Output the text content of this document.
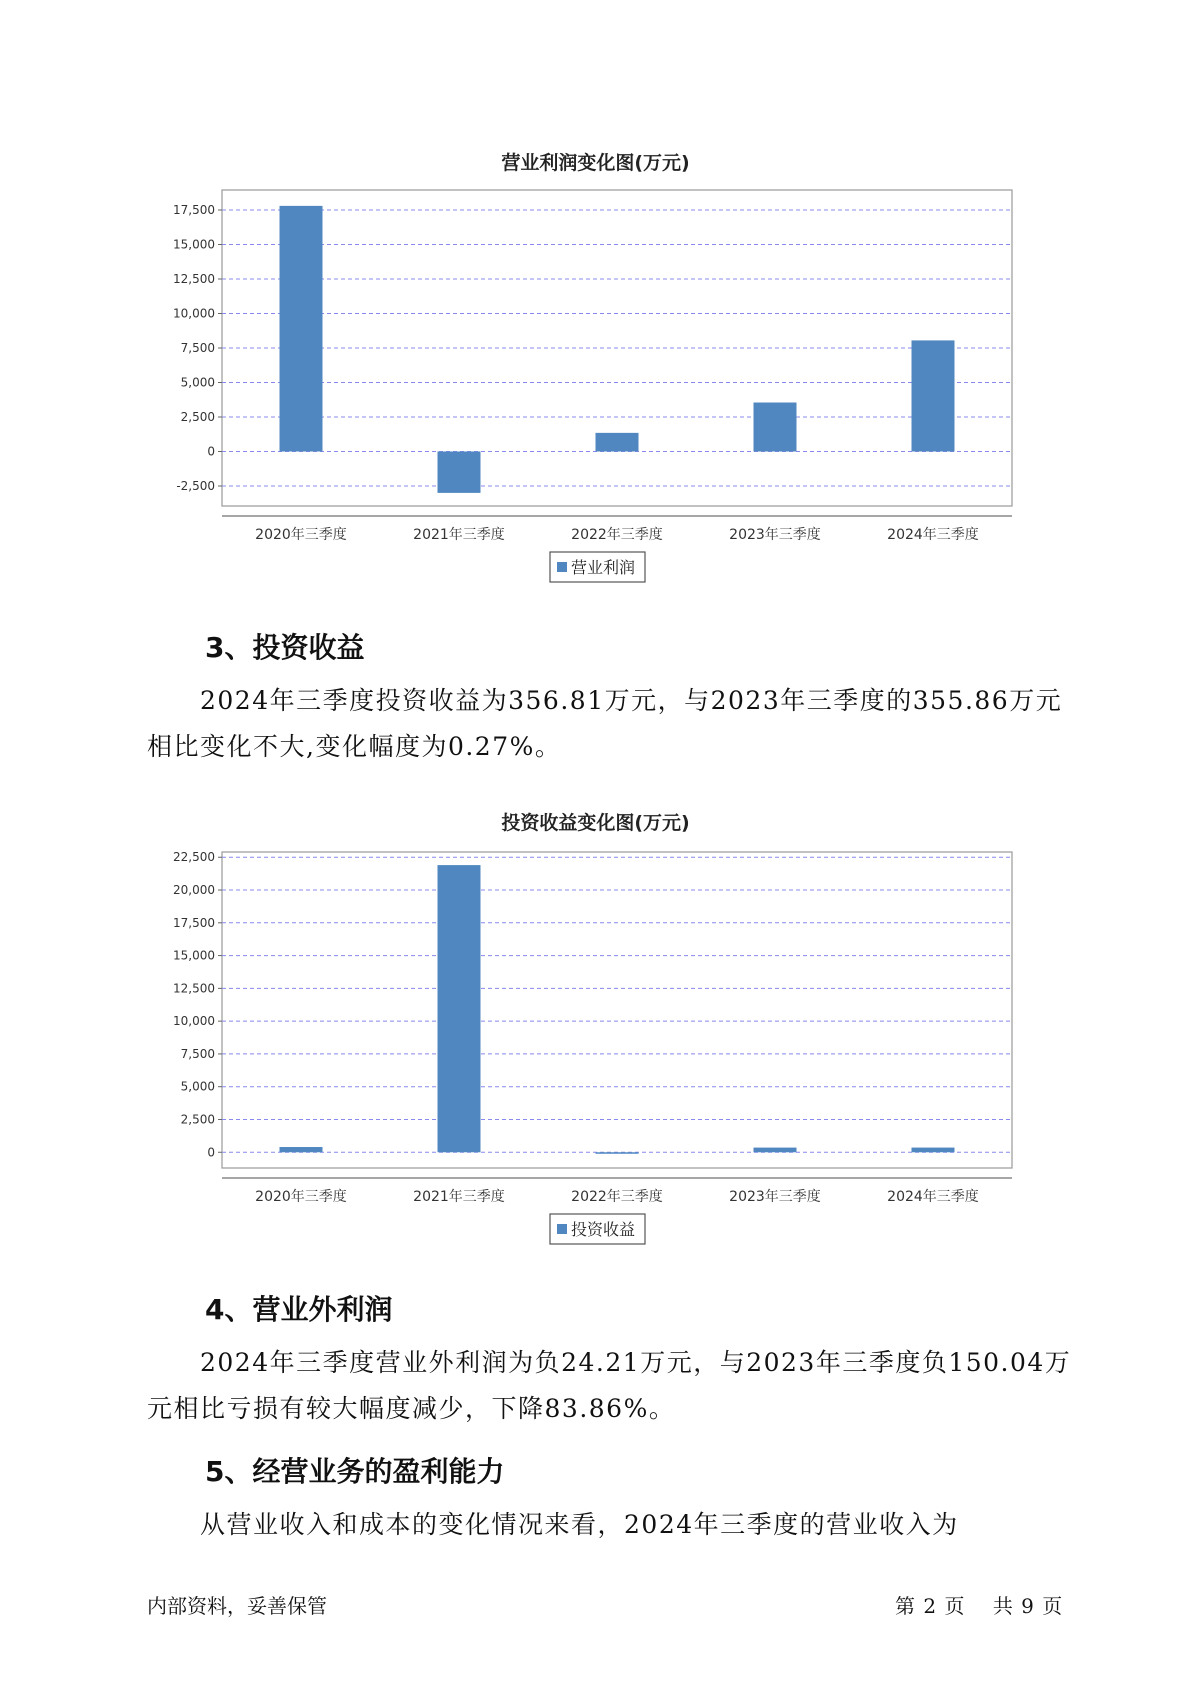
营业利润变化图(万元)
17,500
15,000
12,500
10,000
7,500
5,000
2,500
0
-2,500
2020年三季度	2021年三季度	2022年三季度	2023年三季度	2024年三季度
营业利润
3、投资收益
2024年三季度投资收益为356.81万元，与2023年三季度的355.86万元
相比变化不大,变化幅度为0.27%。
投资收益变化图(万元)
22,500
20,000
17,500
15,000
12,500
10,000
7,500
5,000
2,500
0
2020年三季度	2021年三季度	2022年三季度	2023年三季度	2024年三季度
投资收益
4、营业外利润
2024年三季度营业外利润为负24.21万元，与2023年三季度负150.04万
元相比亏损有较大幅度减少，下降83.86%。
5、经营业务的盈利能力
从营业收入和成本的变化情况来看，2024年三季度的营业收入为
内部资料，妥善保管	第 2 页 共 9 页
